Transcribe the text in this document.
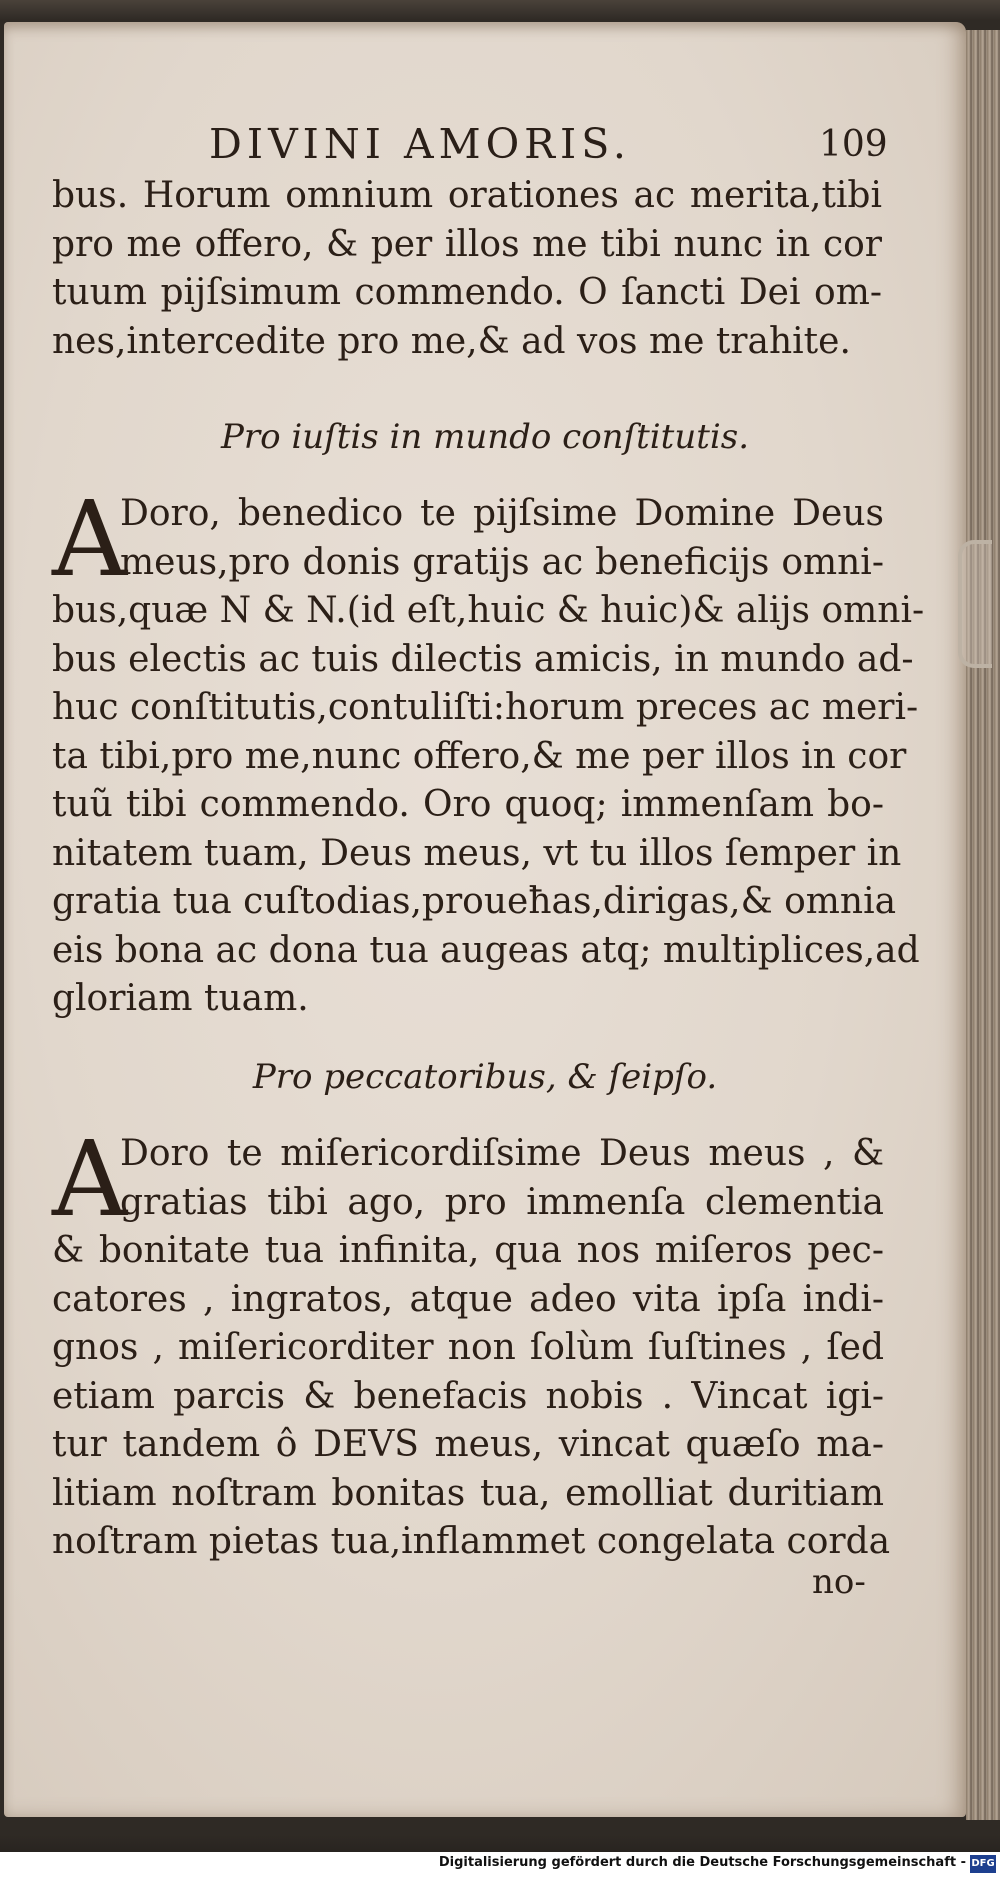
DIVINI AMORIS.	109
bus. Horum omnium orationes ac merita,tibi
pro me offero, & per illos me tibi nunc in cor
tuum pijſsimum commendo. O ſancti Dei om-
nes,intercedite pro me,& ad vos me trahite.
Pro iuſtis in mundo conſtitutis.
A
Doro, benedico te pijſsime Domine Deus
meus,pro donis gratijs ac beneficijs omni-
bus,quæ N & N.(id eſt,huic & huic)& alijs omni-
bus electis ac tuis dilectis amicis, in mundo ad-
huc conſtitutis,contuliſti:horum preces ac meri-
ta tibi,pro me,nunc offero,& me per illos in cor
tuũ tibi commendo. Oro quoq; immenſam bo-
nitatem tuam, Deus meus, vt tu illos ſemper in
gratia tua cuſtodias,proueħas,dirigas,& omnia
eis bona ac dona tua augeas atq; multiplices,ad
gloriam tuam.
Pro peccatoribus, & ſeipſo.
A
Doro te miſericordiſsime Deus meus , &
gratias tibi ago, pro immenſa clementia
& bonitate tua infinita, qua nos miſeros pec-
catores , ingratos, atque adeo vita ipſa indi-
gnos , miſericorditer non ſolùm ſuſtines , ſed
etiam parcis & benefacis nobis . Vincat igi-
tur tandem ô DEVS meus, vincat quæſo ma-
litiam noſtram bonitas tua, emolliat duritiam
noſtram pietas tua,inflammet congelata corda
no-
Digitalisierung gefördert durch die Deutsche Forschungsgemeinschaft - DFG
